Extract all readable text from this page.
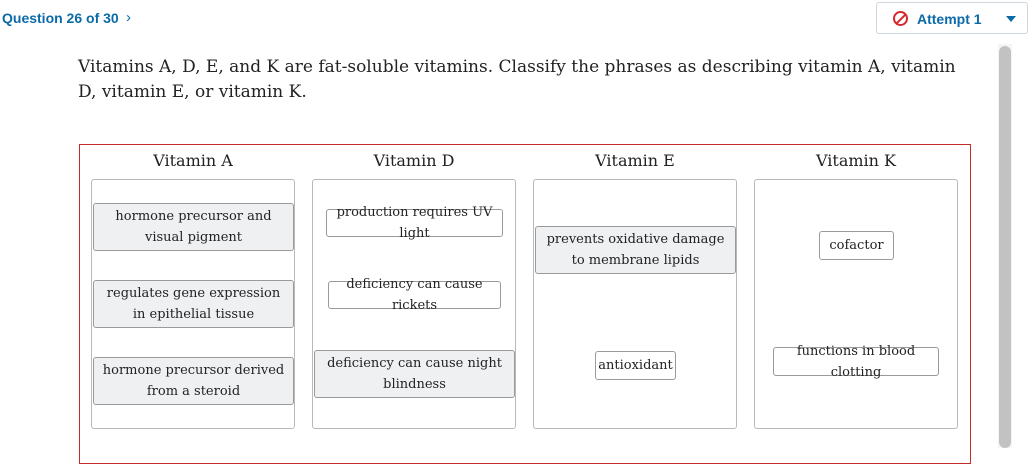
Question 26 of 30 ›	Attempt 1
Vitamins A, D, E, and K are fat-soluble vitamins. Classify the phrases as describing vitamin A, vitamin D, vitamin E, or vitamin K.
Vitamin A	Vitamin D	Vitamin E	Vitamin K
hormone precursor and visual pigment
regulates gene expression in epithelial tissue
hormone precursor derived from a steroid
production requires UV light
deficiency can cause rickets
deficiency can cause night blindness
prevents oxidative damage to membrane lipids
antioxidant
cofactor
functions in blood clotting
